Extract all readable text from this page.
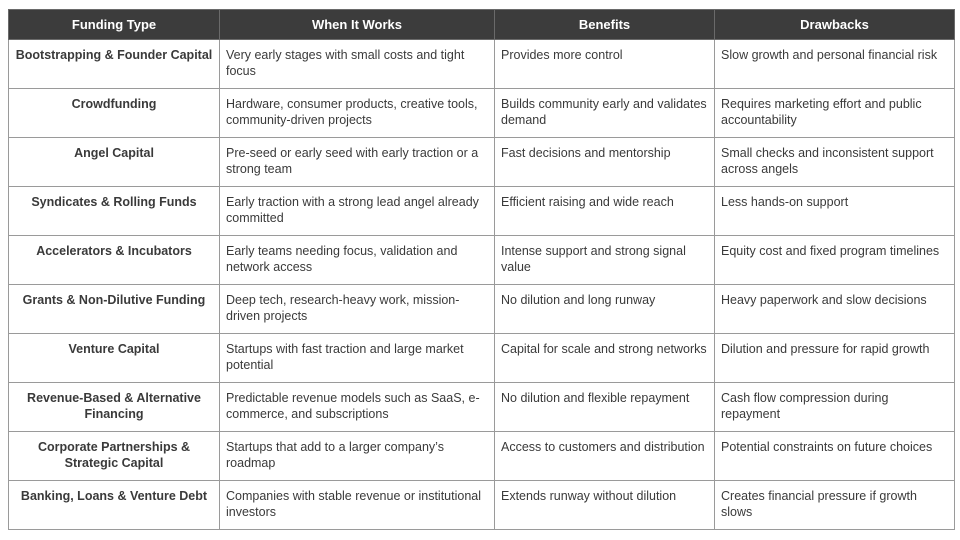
Funding Type	When It Works	Benefits	Drawbacks
Bootstrapping & Founder Capital	Very early stages with small costs and tight focus	Provides more control	Slow growth and personal financial risk
Crowdfunding	Hardware, consumer products, creative tools, community-driven projects	Builds community early and validates demand	Requires marketing effort and public accountability
Angel Capital	Pre-seed or early seed with early traction or a strong team	Fast decisions and mentorship	Small checks and inconsistent support across angels
Syndicates & Rolling Funds	Early traction with a strong lead angel already committed	Efficient raising and wide reach	Less hands-on support
Accelerators & Incubators	Early teams needing focus, validation and network access	Intense support and strong signal value	Equity cost and fixed program timelines
Grants & Non-Dilutive Funding	Deep tech, research-heavy work, mission-driven projects	No dilution and long runway	Heavy paperwork and slow decisions
Venture Capital	Startups with fast traction and large market potential	Capital for scale and strong networks	Dilution and pressure for rapid growth
Revenue-Based & Alternative Financing	Predictable revenue models such as SaaS, e-commerce, and subscriptions	No dilution and flexible repayment	Cash flow compression during repayment
Corporate Partnerships & Strategic Capital	Startups that add to a larger company’s roadmap	Access to customers and distribution	Potential constraints on future choices
Banking, Loans & Venture Debt	Companies with stable revenue or institutional investors	Extends runway without dilution	Creates financial pressure if growth slows
